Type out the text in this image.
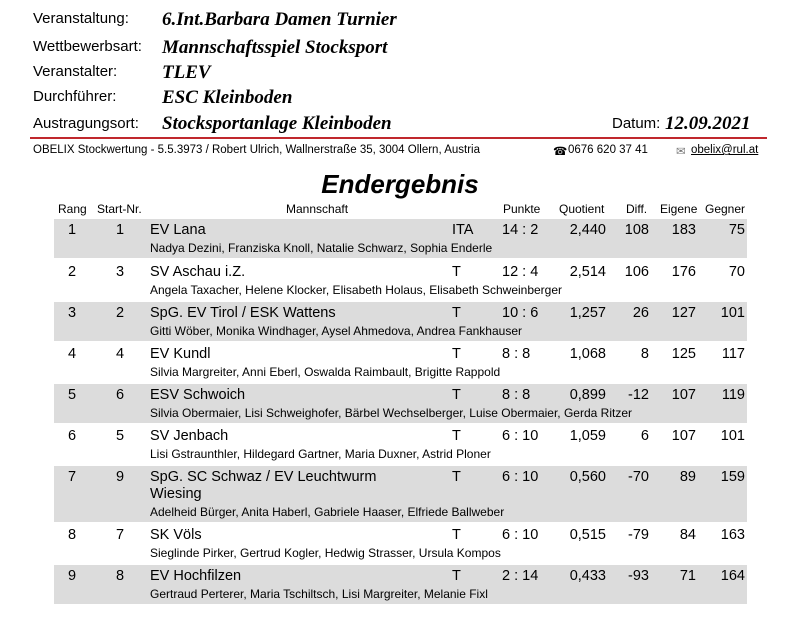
Veranstaltung: 6.Int.Barbara Damen Turnier
Wettbewerbsart: Mannschaftsspiel Stocksport
Veranstalter: TLEV
Durchführer: ESC Kleinboden
Austragungsort: Stocksportanlage Kleinboden	Datum: 12.09.2021
OBELIX Stockwertung - 5.5.3973 / Robert Ulrich, Wallnerstraße 35, 3004 Ollern, Austria	☎ 0676 620 37 41 ✉ obelix@rul.at
Endergebnis
Rang Start-Nr.	Mannschaft	Punkte Quotient Diff. Eigene Gegner
1	1	EV Lana	ITA 14 : 2	2,440	108	183	75
Nadya Dezini, Franziska Knoll, Natalie Schwarz, Sophia Enderle
2	3	SV Aschau i.Z.	T	12 : 4	2,514	106	176	70
Angela Taxacher, Helene Klocker, Elisabeth Holaus, Elisabeth Schweinberger
3	2	SpG. EV Tirol / ESK Wattens	T	10 : 6	1,257	26	127	101
Gitti Wöber, Monika Windhager, Aysel Ahmedova, Andrea Fankhauser
4	4	EV Kundl	T	8 : 8	1,068	8	125	117
Silvia Margreiter, Anni Eberl, Oswalda Raimbault, Brigitte Rappold
5	6	ESV Schwoich	T	8 : 8	0,899	-12	107	119
Silvia Obermaier, Lisi Schweighofer, Bärbel Wechselberger, Luise Obermaier, Gerda Ritzer
6	5	SV Jenbach	T	6 : 10	1,059	6	107	101
Lisi Gstraunthler, Hildegard Gartner, Maria Duxner, Astrid Ploner
7	9	SpG. SC Schwaz / EV Leuchtwurm
Wiesing
T	6 : 10	0,560	-70	89	159
Adelheid Bürger, Anita Haberl, Gabriele Haaser, Elfriede Ballweber
8	7	SK Völs	T	6 : 10	0,515	-79	84	163
Sieglinde Pirker, Gertrud Kogler, Hedwig Strasser, Ursula Kompos
9	8	EV Hochfilzen	T	2 : 14	0,433	-93	71	164
Gertraud Perterer, Maria Tschiltsch, Lisi Margreiter, Melanie Fixl
